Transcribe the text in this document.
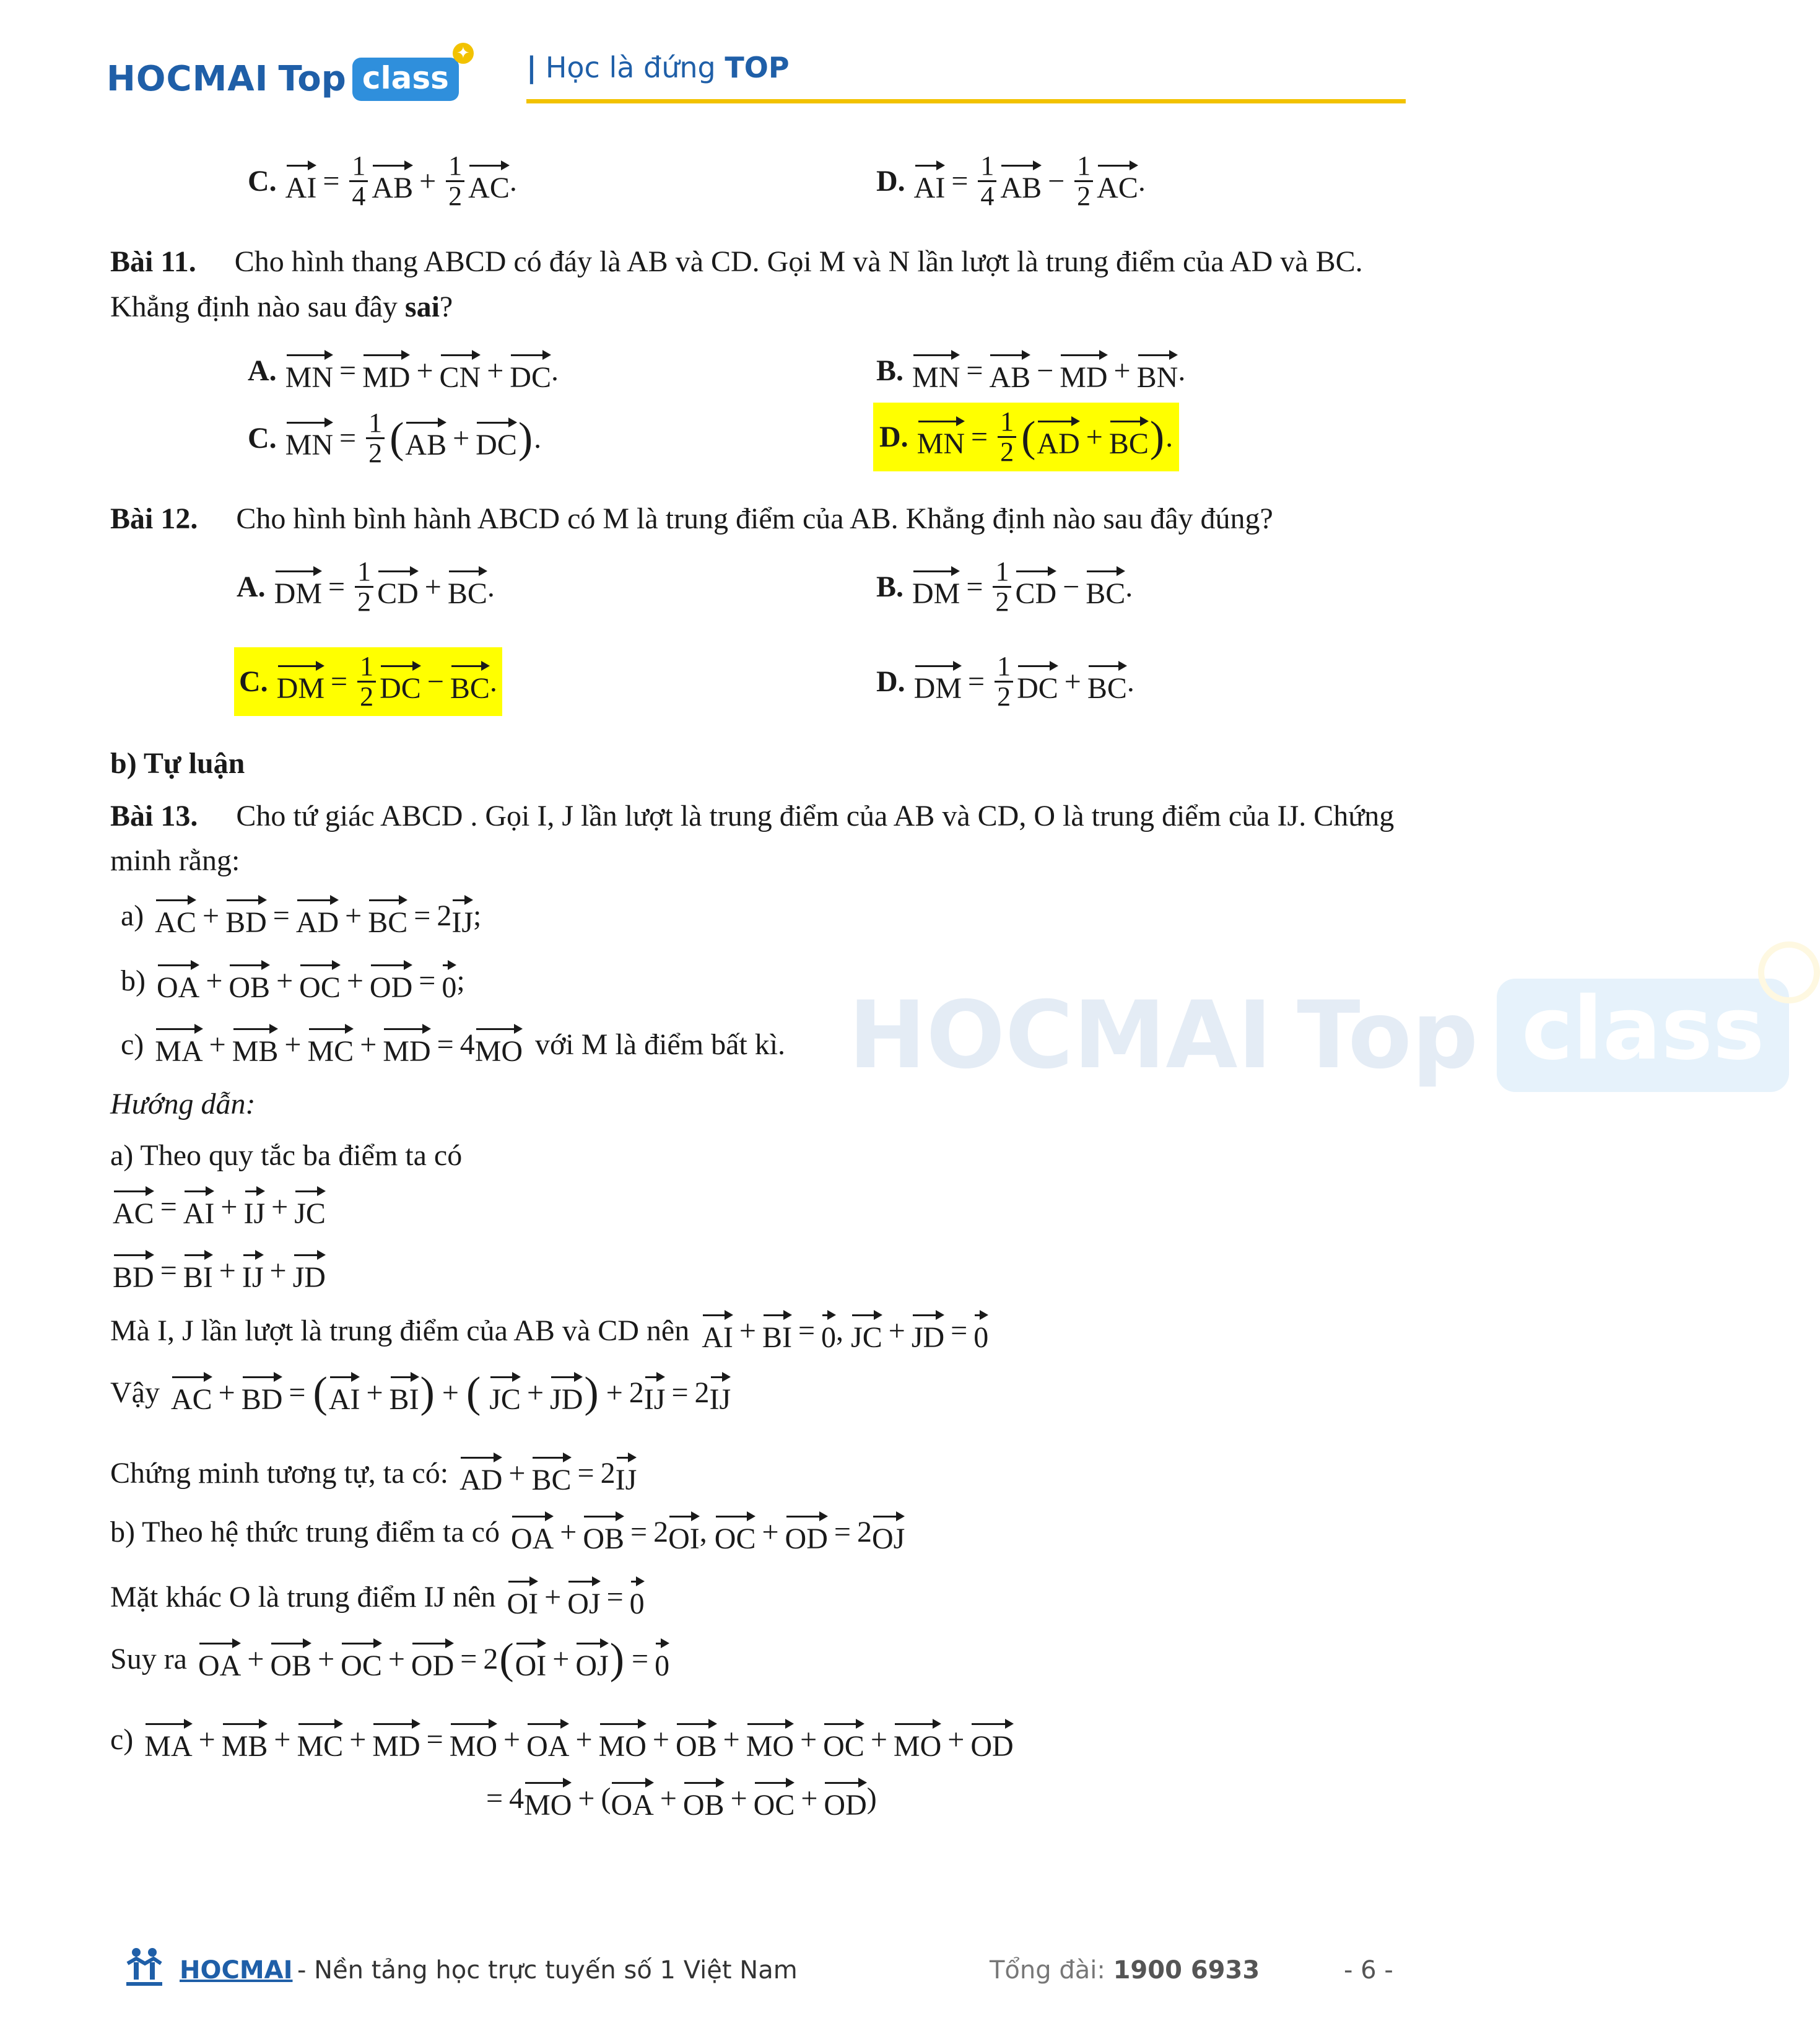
HOCMAI Top class
✦ | Học là đứng TOP
HOCMAI Top class
C. AI = $\frac{1}{4}$ AB + $\frac{1}{2}$ AC .	D. AI = $\frac{1}{4}$ AB − $\frac{1}{2}$ AC .
Bài 11. Cho hình thang ABCD có đáy là AB và CD. Gọi M và N lần lượt là trung điểm của AD và BC.
Khẳng định nào sau đây sai?
A. MN = MD + CN + DC .	B. MN = AB − MD + BN .
C. MN = $\frac{1}{2}$ ( AB + DC ) .	D. MN = $\frac{1}{2}$ ( AD + BC ) .
Bài 12. Cho hình bình hành ABCD có M là trung điểm của AB. Khẳng định nào sau đây đúng?
A. DM = $\frac{1}{2}$ CD + BC .	B. DM = $\frac{1}{2}$ CD − BC .
C. DM = $\frac{1}{2}$ DC − BC .	D. DM = $\frac{1}{2}$ DC + BC .
b) Tự luận
Bài 13. Cho tứ giác ABCD . Gọi I, J lần lượt là trung điểm của AB và CD, O là trung điểm của IJ. Chứng
minh rằng:
a) AC + BD = AD + BC = 2 IJ ;
b) OA + OB + OC + OD = 0 ;
c) MA + MB + MC + MD = 4 MO với M là điểm bất kì.
Hướng dẫn:
a) Theo quy tắc ba điểm ta có
AC = AI + IJ + JC
BD = BI + IJ + JD
Mà I, J lần lượt là trung điểm của AB và CD nên AI + BI = 0 , JC + JD = 0
Vậy AC + BD = ( AI + BI ) + (
JC + JD ) + 2 IJ = 2 IJ
Chứng minh tương tự, ta có: AD + BC = 2 IJ
b) Theo hệ thức trung điểm ta có OA + OB = 2 OI , OC + OD = 2 OJ
Mặt khác O là trung điểm IJ nên OI + OJ = 0
Suy ra OA + OB + OC + OD = 2 ( OI + OJ ) = 0
c) MA + MB + MC + MD = MO + OA + MO + OB + MO + OC + MO + OD
= 4 MO + ( OA + OB + OC + OD )
HOCMAI - Nền tảng học trực tuyến số 1 Việt Nam	Tổng đài: 1900 6933	- 6 -
